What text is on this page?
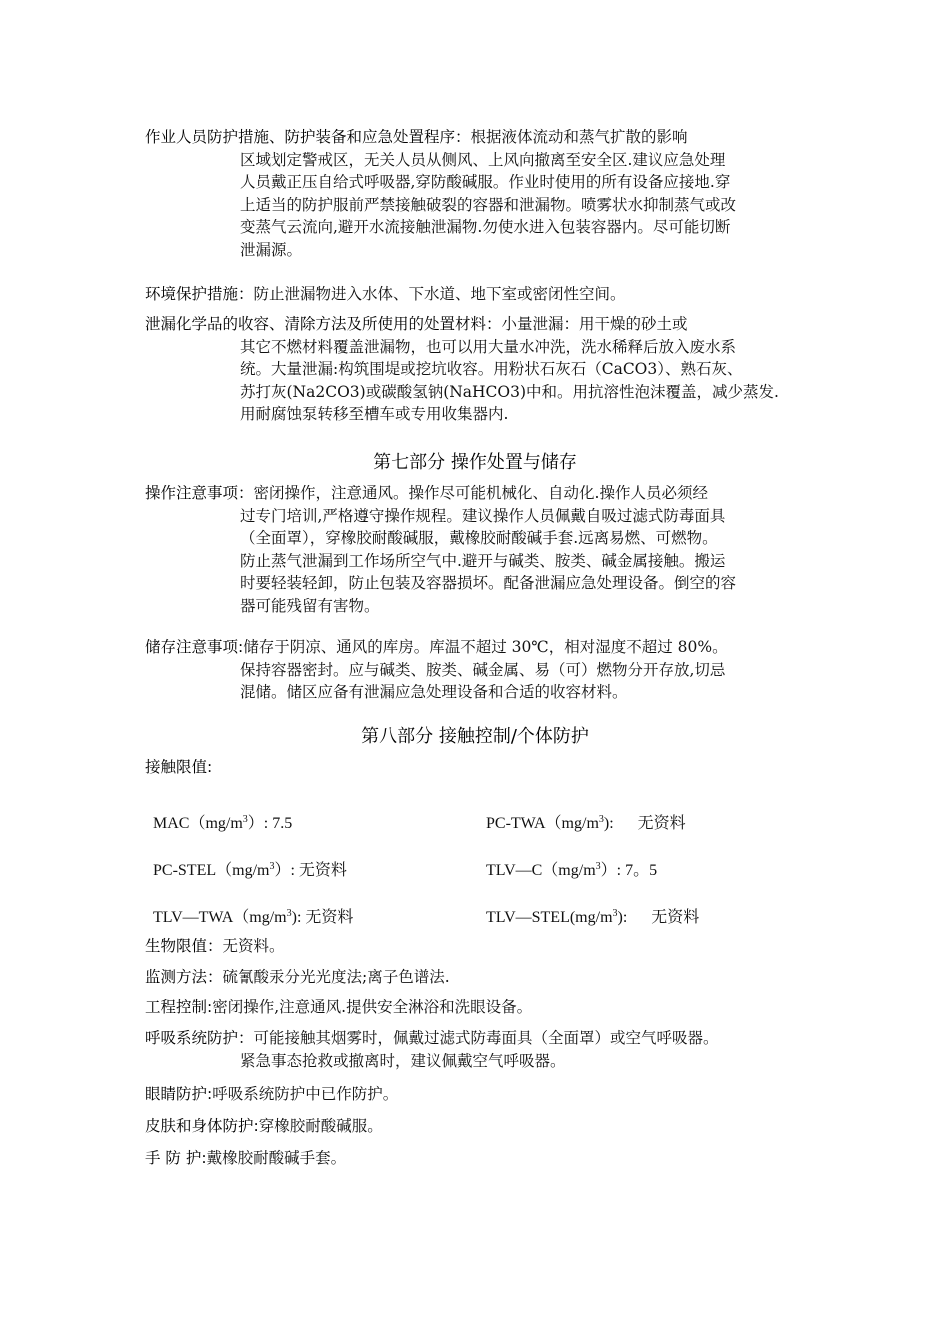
作业人员防护措施、防护装备和应急处置程序：根据液体流动和蒸气扩散的影响
区域划定警戒区，无关人员从侧风、上风向撤离至安全区.建议应急处理
人员戴正压自给式呼吸器,穿防酸碱服。作业时使用的所有设备应接地.穿
上适当的防护服前严禁接触破裂的容器和泄漏物。喷雾状水抑制蒸气或改
变蒸气云流向,避开水流接触泄漏物.勿使水进入包装容器内。尽可能切断
泄漏源。
环境保护措施：防止泄漏物进入水体、下水道、地下室或密闭性空间。
泄漏化学品的收容、清除方法及所使用的处置材料：小量泄漏：用干燥的砂土或
其它不燃材料覆盖泄漏物，也可以用大量水冲洗，洗水稀释后放入废水系
统。大量泄漏:构筑围堤或挖坑收容。用粉状石灰石（CaCO3）、熟石灰、
苏打灰(Na2CO3)或碳酸氢钠(NaHCO3)中和。用抗溶性泡沫覆盖，减少蒸发.
用耐腐蚀泵转移至槽车或专用收集器内.
第七部分 操作处置与储存
操作注意事项：密闭操作，注意通风。操作尽可能机械化、自动化.操作人员必须经
过专门培训,严格遵守操作规程。建议操作人员佩戴自吸过滤式防毒面具
（全面罩），穿橡胶耐酸碱服，戴橡胶耐酸碱手套.远离易燃、可燃物。
防止蒸气泄漏到工作场所空气中.避开与碱类、胺类、碱金属接触。搬运
时要轻装轻卸，防止包装及容器损坏。配备泄漏应急处理设备。倒空的容
器可能残留有害物。
储存注意事项:储存于阴凉、通风的库房。库温不超过 30℃，相对湿度不超过 80%。
保持容器密封。应与碱类、胺类、碱金属、易（可）燃物分开存放,切忌
混储。储区应备有泄漏应急处理设备和合适的收容材料。
第八部分 接触控制/个体防护
接触限值:
$MAC(mg/m^3)$: 7.5	$PC-TWA(mg/m^3)$:      无资料
$PC-STEL(mg/m^3)$: 无资料	$TLV—C(mg/m^3)$: 7。5
$TLV—TWA(mg/m^3)$: 无资料	$TLV—STEL(mg/m^3)$:      无资料
生物限值：无资料。
监测方法：硫氰酸汞分光光度法;离子色谱法.
工程控制:密闭操作,注意通风.提供安全淋浴和洗眼设备。
呼吸系统防护：可能接触其烟雾时，佩戴过滤式防毒面具（全面罩）或空气呼吸器。
紧急事态抢救或撤离时，建议佩戴空气呼吸器。
眼睛防护:呼吸系统防护中已作防护。
皮肤和身体防护:穿橡胶耐酸碱服。
手 防 护:戴橡胶耐酸碱手套。
